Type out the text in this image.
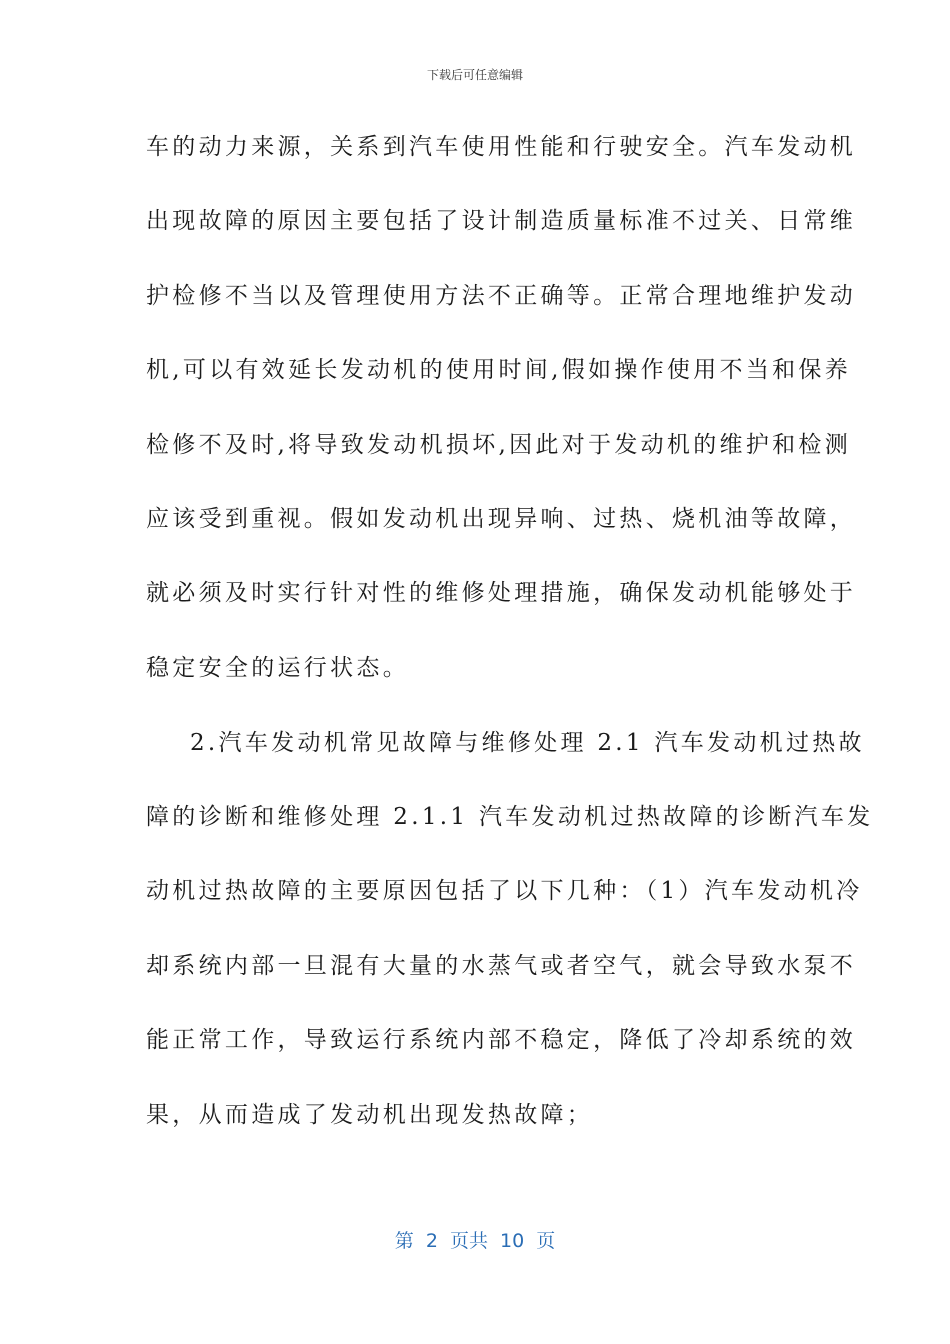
下载后可任意编辑
车的动力来源，关系到汽车使用性能和行驶安全。汽车发动机
出现故障的原因主要包括了设计制造质量标准不过关、日常维
护检修不当以及管理使用方法不正确等。正常合理地维护发动
机,可以有效延长发动机的使用时间,假如操作使用不当和保养
检修不及时,将导致发动机损坏,因此对于发动机的维护和检测
应该受到重视。假如发动机出现异响、过热、烧机油等故障，
就必须及时实行针对性的维修处理措施，确保发动机能够处于
稳定安全的运行状态。
2.汽车发动机常见故障与维修处理 2.1 汽车发动机过热故
障的诊断和维修处理 2.1.1 汽车发动机过热故障的诊断汽车发
动机过热故障的主要原因包括了以下几种：（1）汽车发动机冷
却系统内部一旦混有大量的水蒸气或者空气，就会导致水泵不
能正常工作，导致运行系统内部不稳定，降低了冷却系统的效
果，从而造成了发动机出现发热故障；
第 2 页共 10 页
